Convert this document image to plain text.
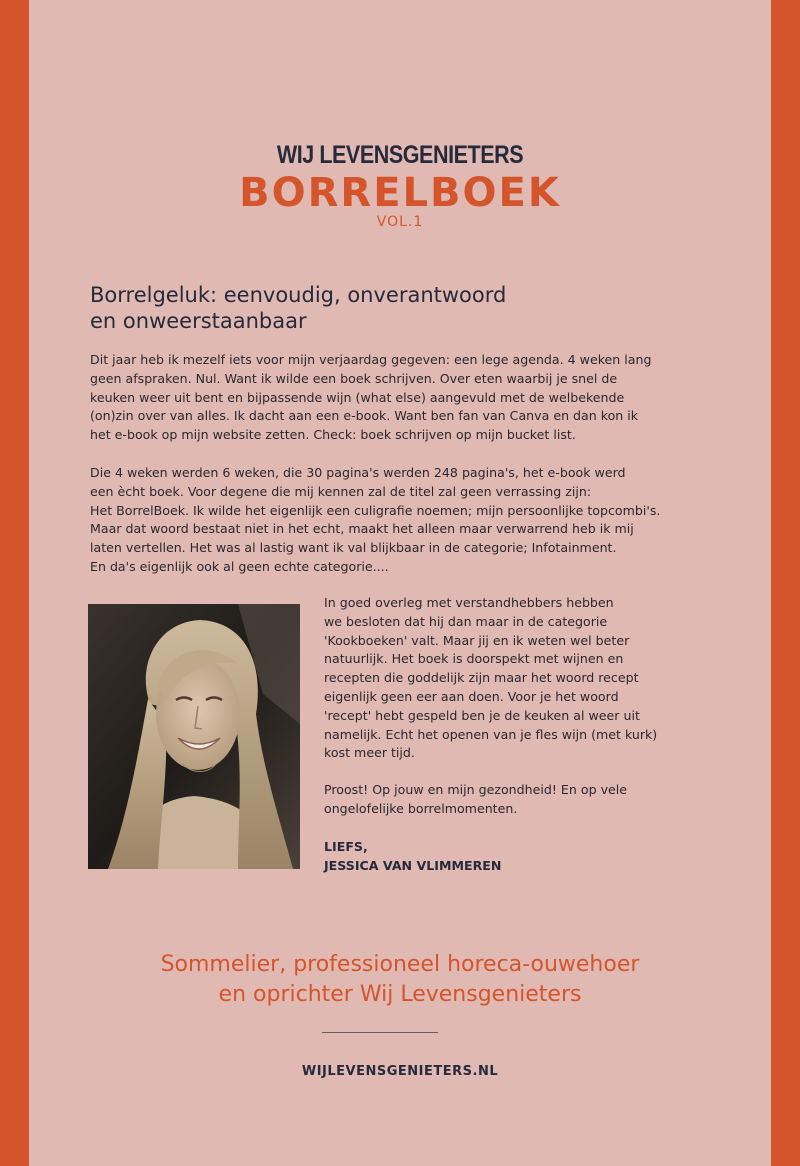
WIJ LEVENSGENIETERS
BORRELBOEK
VOL.1
Borrelgeluk: eenvoudig, onverantwoord
en onweerstaanbaar

Dit jaar heb ik mezelf iets voor mijn verjaardag gegeven: een lege agenda. 4 weken lang
geen afspraken. Nul. Want ik wilde een boek schrijven. Over eten waarbij je snel de
keuken weer uit bent en bijpassende wijn (what else) aangevuld met de welbekende
(on)zin over van alles. Ik dacht aan een e-book. Want ben fan van Canva en dan kon ik
het e-book op mijn website zetten. Check: boek schrijven op mijn bucket list.

Die 4 weken werden 6 weken, die 30 pagina's werden 248 pagina's, het e-book werd
een ècht boek. Voor degene die mij kennen zal de titel zal geen verrassing zijn:
Het BorrelBoek. Ik wilde het eigenlijk een culigrafie noemen; mijn persoonlijke topcombi's.
Maar dat woord bestaat niet in het echt, maakt het alleen maar verwarrend heb ik mij
laten vertellen. Het was al lastig want ik val blijkbaar in de categorie; Infotainment.
En da's eigenlijk ook al geen echte categorie....

In goed overleg met verstandhebbers hebben
we besloten dat hij dan maar in de categorie
'Kookboeken' valt. Maar jij en ik weten wel beter
natuurlijk. Het boek is doorspekt met wijnen en
recepten die goddelijk zijn maar het woord recept
eigenlijk geen eer aan doen. Voor je het woord
'recept' hebt gespeld ben je de keuken al weer uit
namelijk. Echt het openen van je fles wijn (met kurk)
kost meer tijd.

Proost! Op jouw en mijn gezondheid! En op vele
ongelofelijke borrelmomenten.

LIEFS,

JESSICA VAN VLIMMEREN

Sommelier, professioneel horeca-ouwehoer
en oprichter Wij Levensgenieters

WIJLEVENSGENIETERS.NL
